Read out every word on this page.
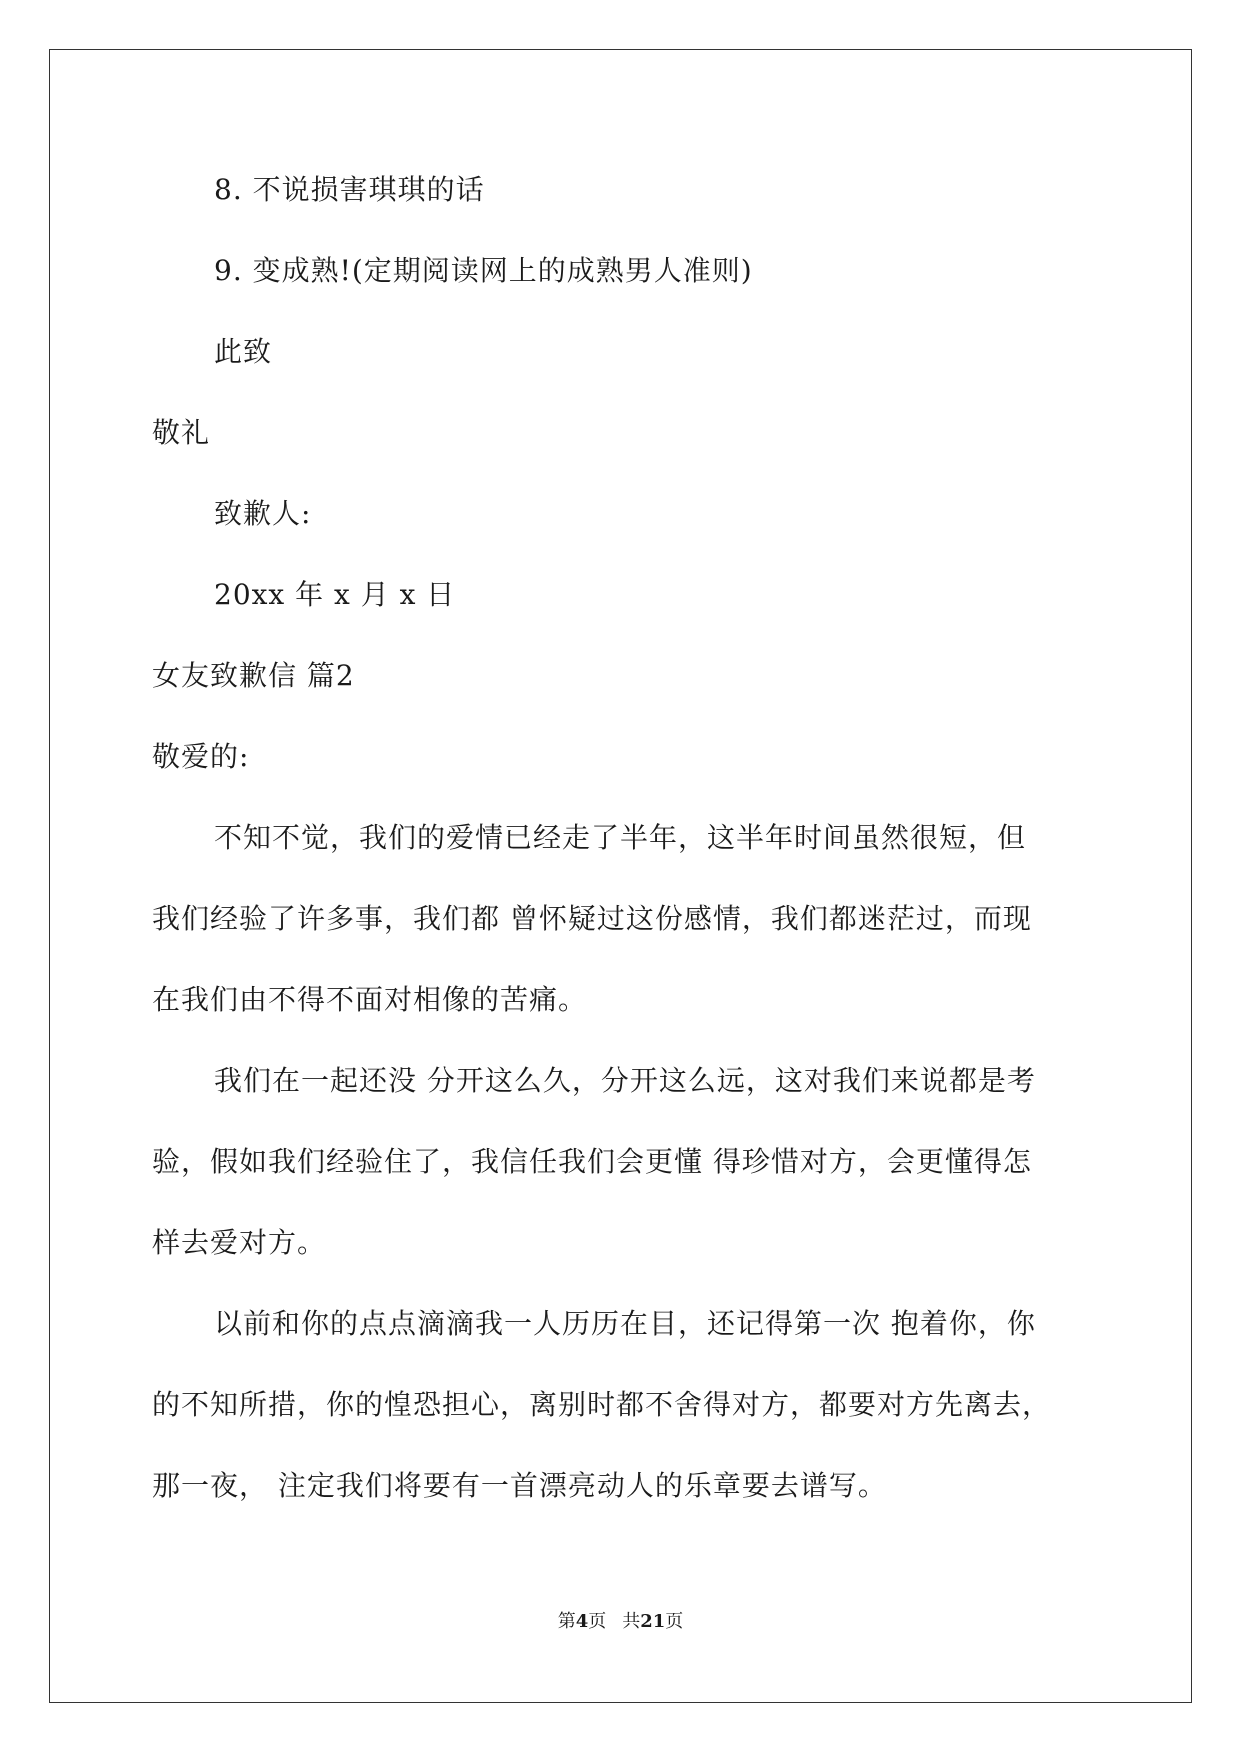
8. 不说损害琪琪的话
9. 变成熟!(定期阅读网上的成熟男人准则)
此致
敬礼
致歉人:
20xx 年 x 月 x 日
女友致歉信 篇2
敬爱的:
不知不觉，我们的爱情已经走了半年，这半年时间虽然很短，但
我们经验了许多事，我们都 曾怀疑过这份感情，我们都迷茫过，而现
在我们由不得不面对相像的苦痛。
我们在一起还没 分开这么久，分开这么远，这对我们来说都是考
验，假如我们经验住了，我信任我们会更懂 得珍惜对方，会更懂得怎
样去爱对方。
以前和你的点点滴滴我一人历历在目，还记得第一次 抱着你，你
的不知所措，你的惶恐担心，离别时都不舍得对方，都要对方先离去，
那一夜， 注定我们将要有一首漂亮动人的乐章要去谱写。
第4页 共21页
